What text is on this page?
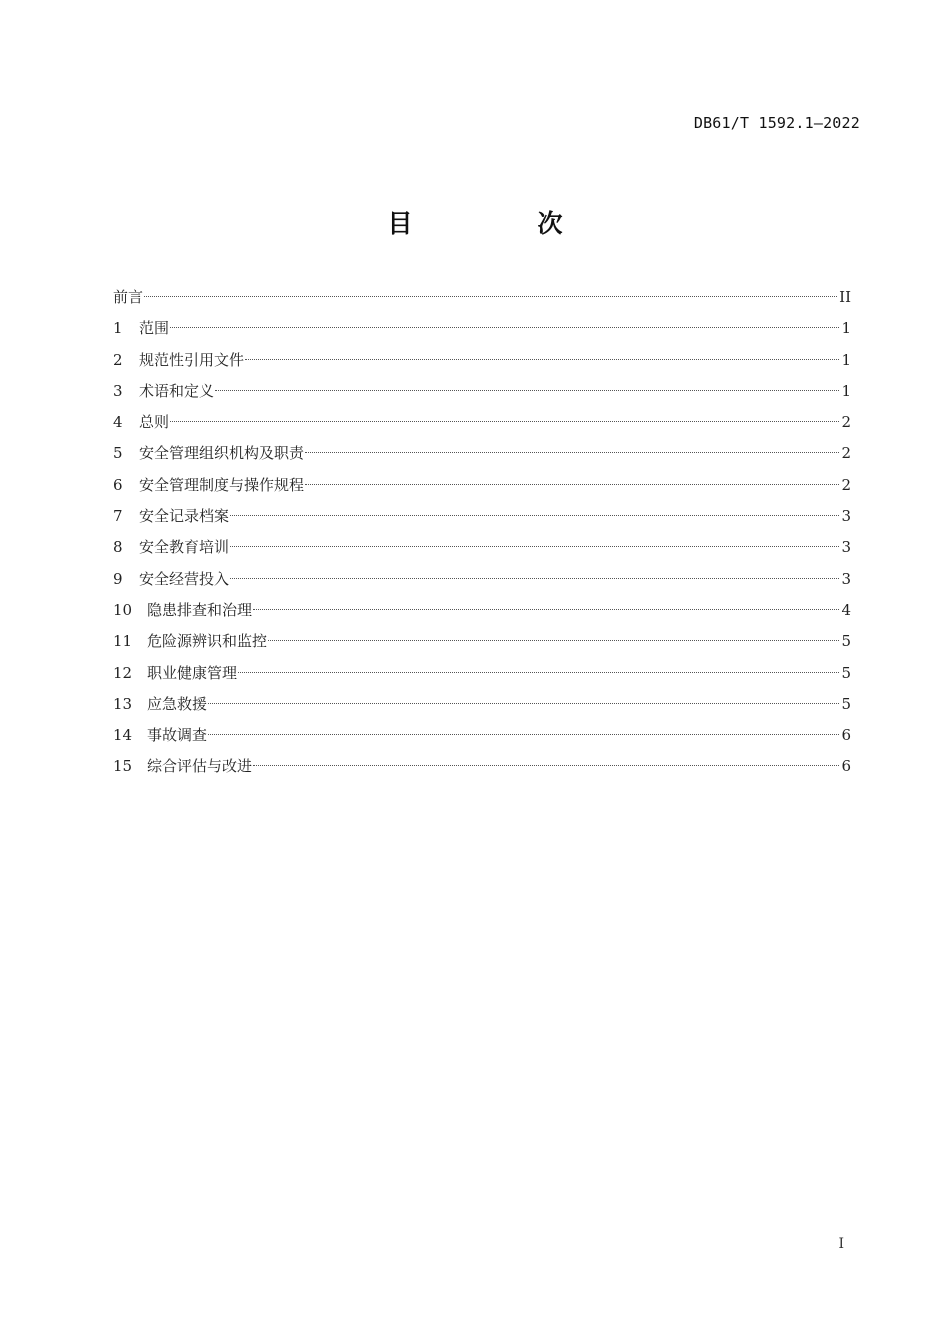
DB61/T 1592.1—2022
目　次
前言	II
1	范围	1
2	规范性引用文件	1
3	术语和定义	1
4	总则	2
5	安全管理组织机构及职责	2
6	安全管理制度与操作规程	2
7	安全记录档案	3
8	安全教育培训	3
9	安全经营投入	3
10 隐患排查和治理	4
11 危险源辨识和监控	5
12 职业健康管理	5
13 应急救援	5
14 事故调查	6
15 综合评估与改进	6
I
